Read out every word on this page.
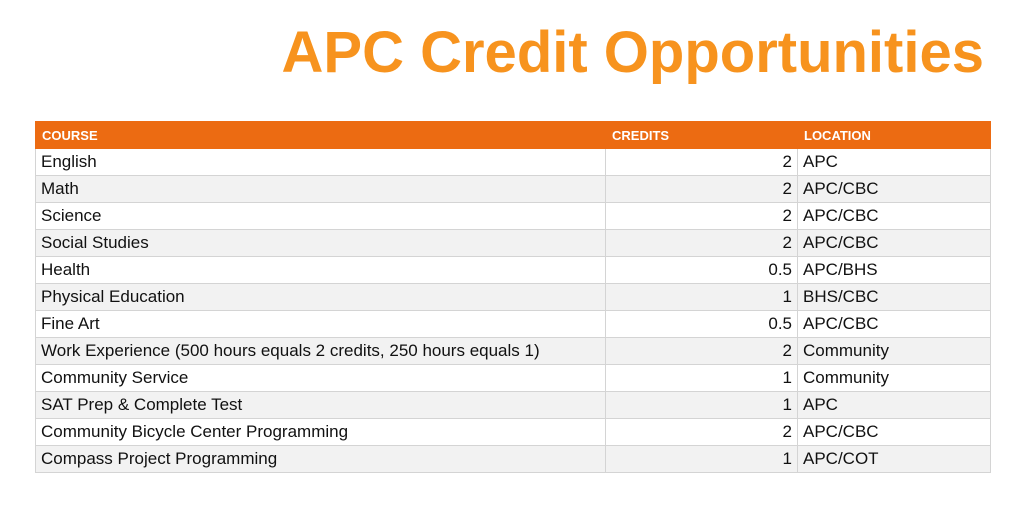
APC Credit Opportunities
COURSE	CREDITS	LOCATION
English	2	APC
Math	2	APC/CBC
Science	2	APC/CBC
Social Studies	2	APC/CBC
Health	0.5	APC/BHS
Physical Education	1	BHS/CBC
Fine Art	0.5	APC/CBC
Work Experience (500 hours equals 2 credits, 250 hours equals 1)	2	Community
Community Service	1	Community
SAT Prep & Complete Test	1	APC
Community Bicycle Center Programming	2	APC/CBC
Compass Project Programming	1	APC/COT
